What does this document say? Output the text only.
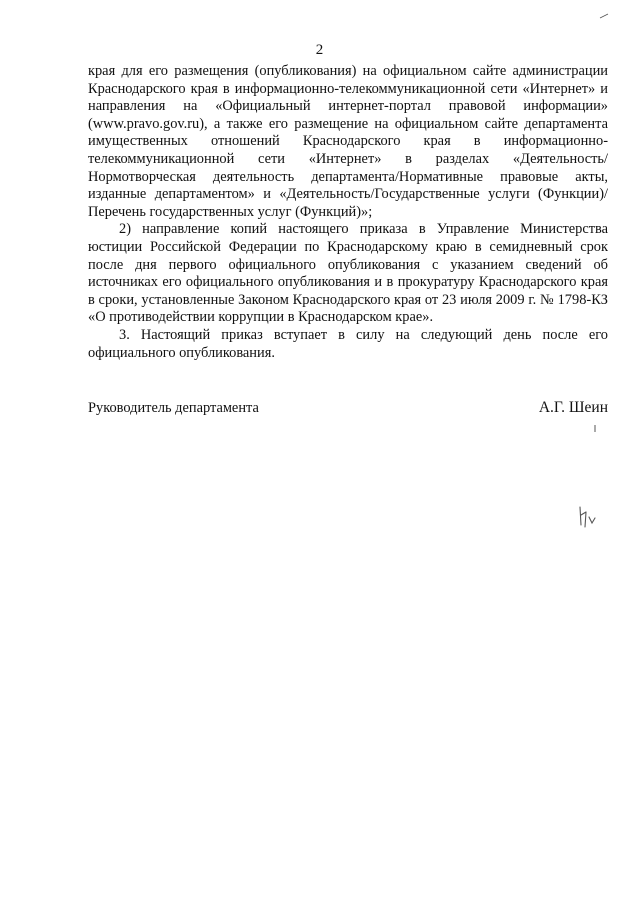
2

края для его размещения (опубликования) на официальном сайте администрации Краснодарского края в информационно-телекоммуникационной сети «Интернет» и направления на «Официальный интернет-портал правовой информации» (www.pravo.gov.ru), а также его размещение на официальном сайте департамента имущественных отношений Краснодарского края в информационно-телекоммуникационной сети «Интернет» в разделах «Деятельность/Нормотворческая деятельность департамента/Нормативные правовые акты, изданные департаментом» и «Деятельность/Государственные услуги (Функции)/Перечень государственных услуг (Функций)»;

2) направление копий настоящего приказа в Управление Министерства юстиции Российской Федерации по Краснодарскому краю в семидневный срок после дня первого официального опубликования с указанием сведений об источниках его официального опубликования и в прокуратуру Краснодарского края в сроки, установленные Законом Краснодарского края от 23 июля 2009 г. № 1798-КЗ «О противодействии коррупции в Краснодарском крае».

3. Настоящий приказ вступает в силу на следующий день после его официального опубликования.

Руководитель департамента	А.Г. Шеин
